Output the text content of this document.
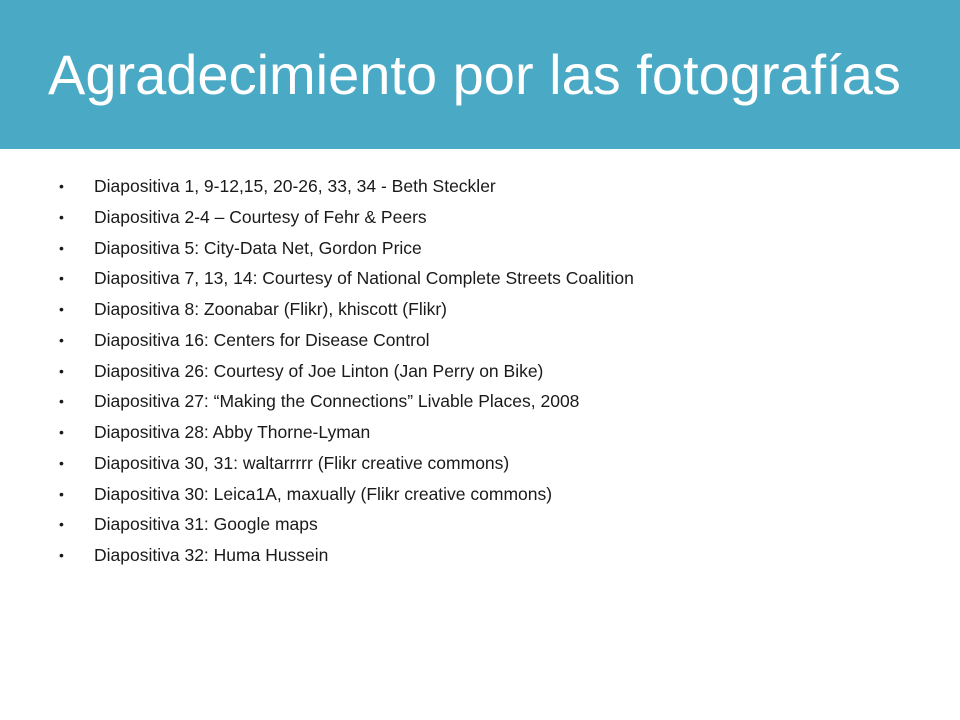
Agradecimiento por las fotografías
• Diapositiva 1, 9-12,15, 20-26, 33, 34 - Beth Steckler
• Diapositiva 2-4 – Courtesy of Fehr & Peers
• Diapositiva 5: City-Data Net, Gordon Price
• Diapositiva 7, 13, 14: Courtesy of National Complete Streets Coalition
• Diapositiva 8: Zoonabar (Flikr), khiscott (Flikr)
• Diapositiva 16: Centers for Disease Control
• Diapositiva 26: Courtesy of Joe Linton (Jan Perry on Bike)
• Diapositiva 27: “Making the Connections” Livable Places, 2008
• Diapositiva 28: Abby Thorne-Lyman
• Diapositiva 30, 31: waltarrrrr (Flikr creative commons)
• Diapositiva 30: Leica1A, maxually (Flikr creative commons)
• Diapositiva 31: Google maps
• Diapositiva 32: Huma Hussein
